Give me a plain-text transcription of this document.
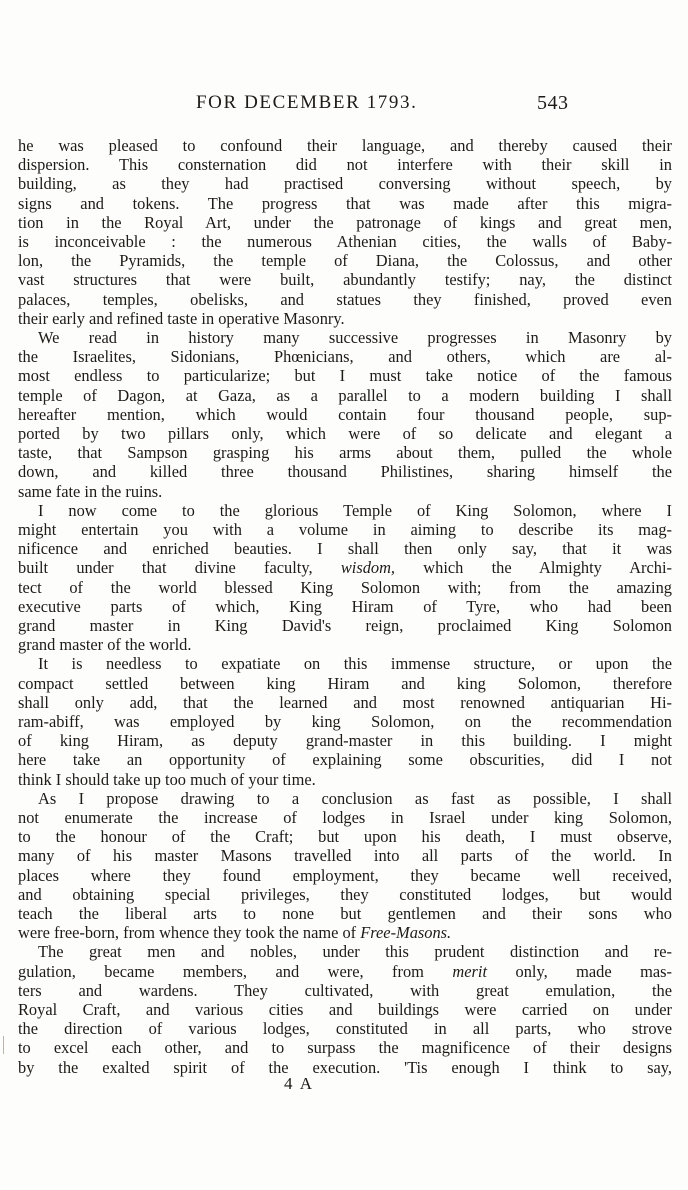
FOR DECEMBER 1793.	543
he was pleased to confound their language, and thereby caused their
dispersion. This consternation did not interfere with their skill in
building, as they had practised conversing without speech, by
signs and tokens. The progress that was made after this migra-
tion in the Royal Art, under the patronage of kings and great men,
is inconceivable : the numerous Athenian cities, the walls of Baby-
lon, the Pyramids, the temple of Diana, the Colossus, and other
vast structures that were built, abundantly testify; nay, the distinct
palaces, temples, obelisks, and statues they finished, proved even
their early and refined taste in operative Masonry.
We read in history many successive progresses in Masonry by
the Israelites, Sidonians, Phœnicians, and others, which are al-
most endless to particularize; but I must take notice of the famous
temple of Dagon, at Gaza, as a parallel to a modern building I shall
hereafter mention, which would contain four thousand people, sup-
ported by two pillars only, which were of so delicate and elegant a
taste, that Sampson grasping his arms about them, pulled the whole
down, and killed three thousand Philistines, sharing himself the
same fate in the ruins.
I now come to the glorious Temple of King Solomon, where I
might entertain you with a volume in aiming to describe its mag-
nificence and enriched beauties. I shall then only say, that it was
built under that divine faculty, wisdom, which the Almighty Archi-
tect of the world blessed King Solomon with; from the amazing
executive parts of which, King Hiram of Tyre, who had been
grand master in King David's reign, proclaimed King Solomon
grand master of the world.
It is needless to expatiate on this immense structure, or upon the
compact settled between king Hiram and king Solomon, therefore
shall only add, that the learned and most renowned antiquarian Hi-
ram-abiff, was employed by king Solomon, on the recommendation
of king Hiram, as deputy grand-master in this building. I might
here take an opportunity of explaining some obscurities, did I not
think I should take up too much of your time.
As I propose drawing to a conclusion as fast as possible, I shall
not enumerate the increase of lodges in Israel under king Solomon,
to the honour of the Craft; but upon his death, I must observe,
many of his master Masons travelled into all parts of the world. In
places where they found employment, they became well received,
and obtaining special privileges, they constituted lodges, but would
teach the liberal arts to none but gentlemen and their sons who
were free-born, from whence they took the name of Free-Masons.
The great men and nobles, under this prudent distinction and re-
gulation, became members, and were, from merit only, made mas-
ters and wardens. They cultivated, with great emulation, the
Royal Craft, and various cities and buildings were carried on under
the direction of various lodges, constituted in all parts, who strove
to excel each other, and to surpass the magnificence of their designs
by the exalted spirit of the execution. 'Tis enough I think to say,
4 A
